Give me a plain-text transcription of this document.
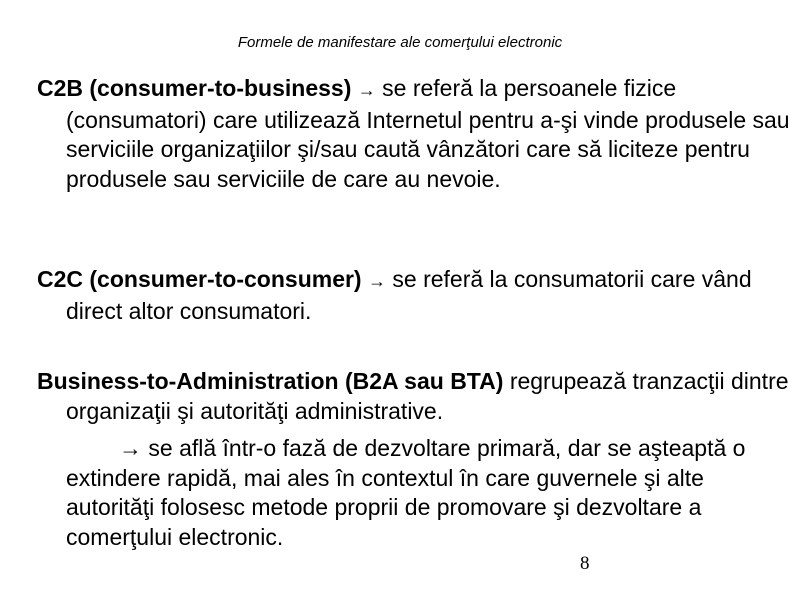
Formele de manifestare ale comerţului electronic
C2B (consumer-to-business) → se referă la persoanele fizice (consumatori) care utilizează Internetul pentru a-şi vinde produsele sau serviciile organizaţiilor şi/sau caută vânzători care să liciteze pentru produsele sau serviciile de care au nevoie.
C2C (consumer-to-consumer) → se referă la consumatorii care vând direct altor consumatori.
Business-to-Administration (B2A sau BTA) regrupează tranzacţii dintre organizaţii şi autorităţi administrative.
→ se află într-o fază de dezvoltare primară, dar se aşteaptă o extindere rapidă, mai ales în contextul în care guvernele şi alte autorităţi folosesc metode proprii de promovare şi dezvoltare a comerţului electronic.
8
